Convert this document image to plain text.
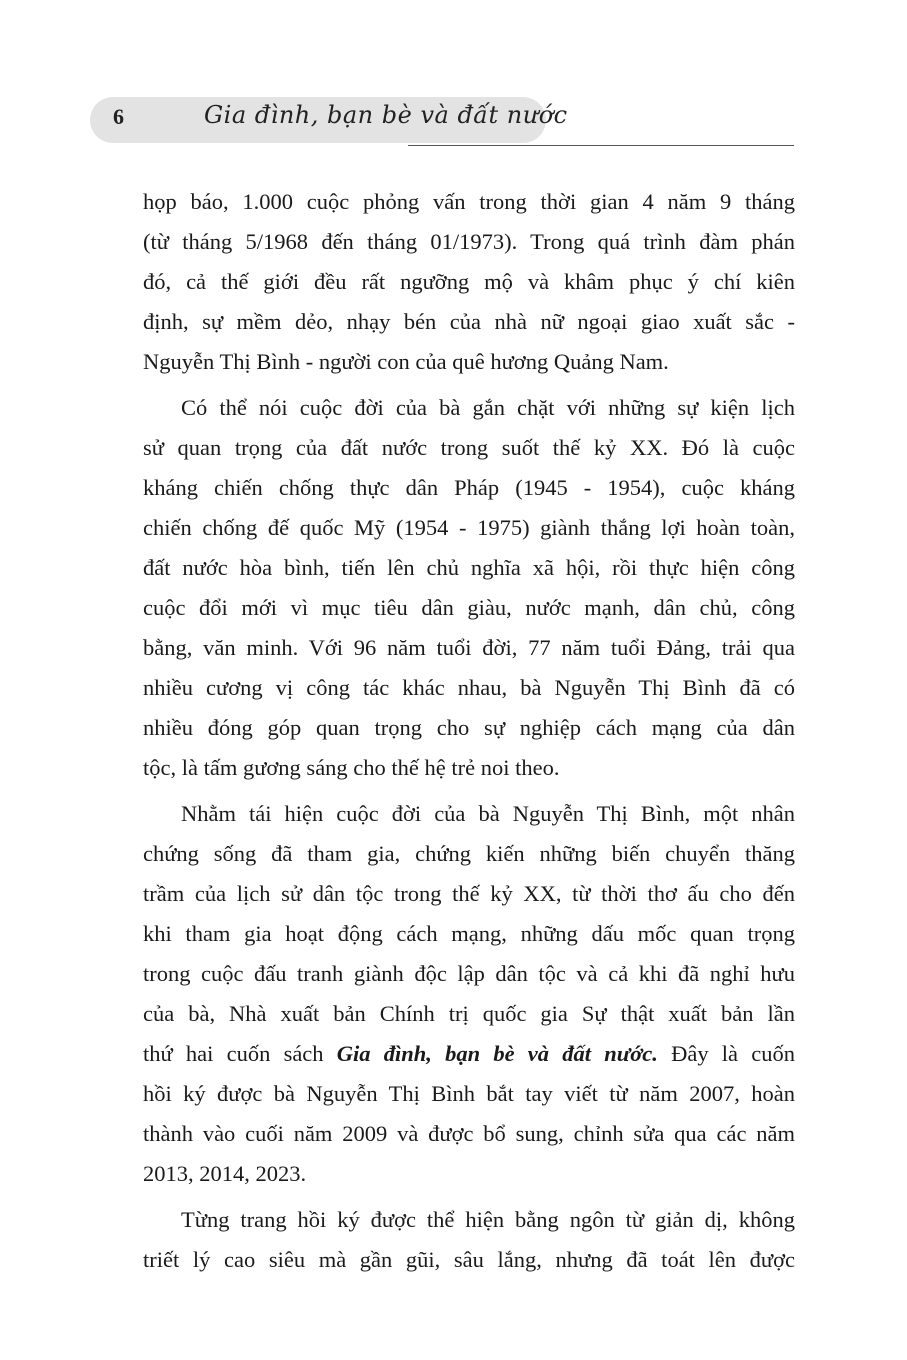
6	Gia đình, bạn bè và đất nước

họp báo, 1.000 cuộc phỏng vấn trong thời gian 4 năm 9 tháng
(từ tháng 5/1968 đến tháng 01/1973). Trong quá trình đàm phán
đó, cả thế giới đều rất ngưỡng mộ và khâm phục ý chí kiên
định, sự mềm dẻo, nhạy bén của nhà nữ ngoại giao xuất sắc -
Nguyễn Thị Bình - người con của quê hương Quảng Nam.

Có thể nói cuộc đời của bà gắn chặt với những sự kiện lịch
sử quan trọng của đất nước trong suốt thế kỷ XX. Đó là cuộc
kháng chiến chống thực dân Pháp (1945 - 1954), cuộc kháng
chiến chống đế quốc Mỹ (1954 - 1975) giành thắng lợi hoàn toàn,
đất nước hòa bình, tiến lên chủ nghĩa xã hội, rồi thực hiện công
cuộc đổi mới vì mục tiêu dân giàu, nước mạnh, dân chủ, công
bằng, văn minh. Với 96 năm tuổi đời, 77 năm tuổi Đảng, trải qua
nhiều cương vị công tác khác nhau, bà Nguyễn Thị Bình đã có
nhiều đóng góp quan trọng cho sự nghiệp cách mạng của dân
tộc, là tấm gương sáng cho thế hệ trẻ noi theo.

Nhằm tái hiện cuộc đời của bà Nguyễn Thị Bình, một nhân
chứng sống đã tham gia, chứng kiến những biến chuyển thăng
trầm của lịch sử dân tộc trong thế kỷ XX, từ thời thơ ấu cho đến
khi tham gia hoạt động cách mạng, những dấu mốc quan trọng
trong cuộc đấu tranh giành độc lập dân tộc và cả khi đã nghỉ hưu
của bà, Nhà xuất bản Chính trị quốc gia Sự thật xuất bản lần
thứ hai cuốn sách Gia đình, bạn bè và đất nước. Đây là cuốn
hồi ký được bà Nguyễn Thị Bình bắt tay viết từ năm 2007, hoàn
thành vào cuối năm 2009 và được bổ sung, chỉnh sửa qua các năm
2013, 2014, 2023.

Từng trang hồi ký được thể hiện bằng ngôn từ giản dị, không
triết lý cao siêu mà gần gũi, sâu lắng, nhưng đã toát lên được
